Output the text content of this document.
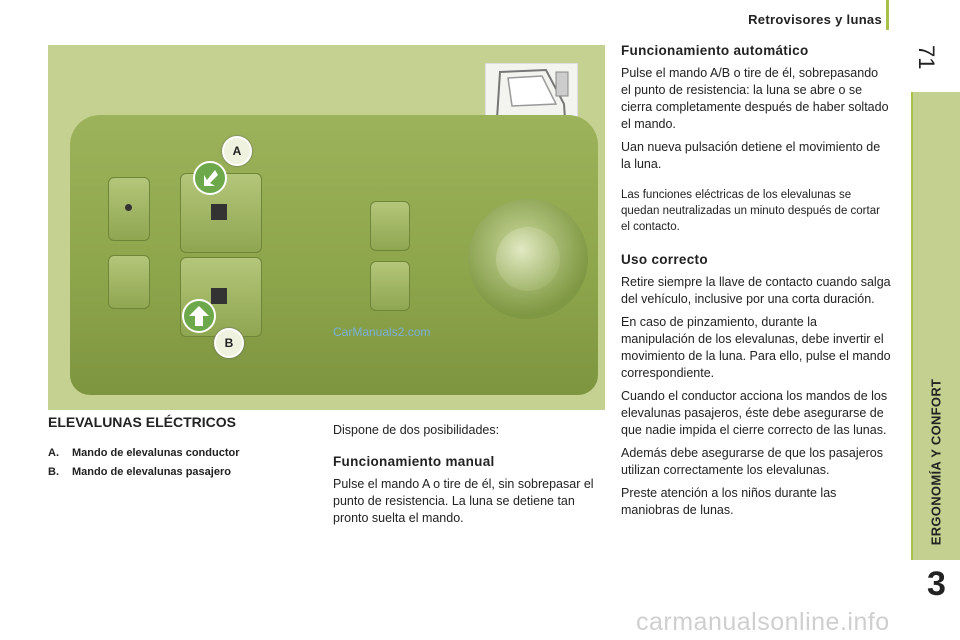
Retrovisores y lunas
71
ERGONOMÍA Y CONFORT
3
A
B
CarManuals2.com
ELEVALUNAS ELÉCTRICOS
A. Mando de elevalunas conductor
B. Mando de elevalunas pasajero

Dispone de dos posibilidades:

Funcionamiento manual

Pulse el mando A o tire de él, sin sobrepasar el punto de resistencia. La luna se detiene tan pronto suelta el mando.

Funcionamiento automático

Pulse el mando A/B o tire de él, sobrepasando el punto de resistencia: la luna se abre o se cierra completamente después de haber soltado el mando.

Uan nueva pulsación detiene el movimiento de la luna.

Las funciones eléctricas de los elevalunas se quedan neutralizadas un minuto después de cortar el contacto.

Uso correcto

Retire siempre la llave de contacto cuando salga del vehículo, inclusive por una corta duración.

En caso de pinzamiento, durante la manipulación de los elevalunas, debe invertir el movimiento de la luna. Para ello, pulse el mando correspondiente.

Cuando el conductor acciona los mandos de los elevalunas pasajeros, éste debe asegurarse de que nadie impida el cierre correcto de las lunas.

Además debe asegurarse de que los pasajeros utilizan correctamente los elevalunas.

Preste atención a los niños durante las maniobras de lunas.

carmanualsonline.info
